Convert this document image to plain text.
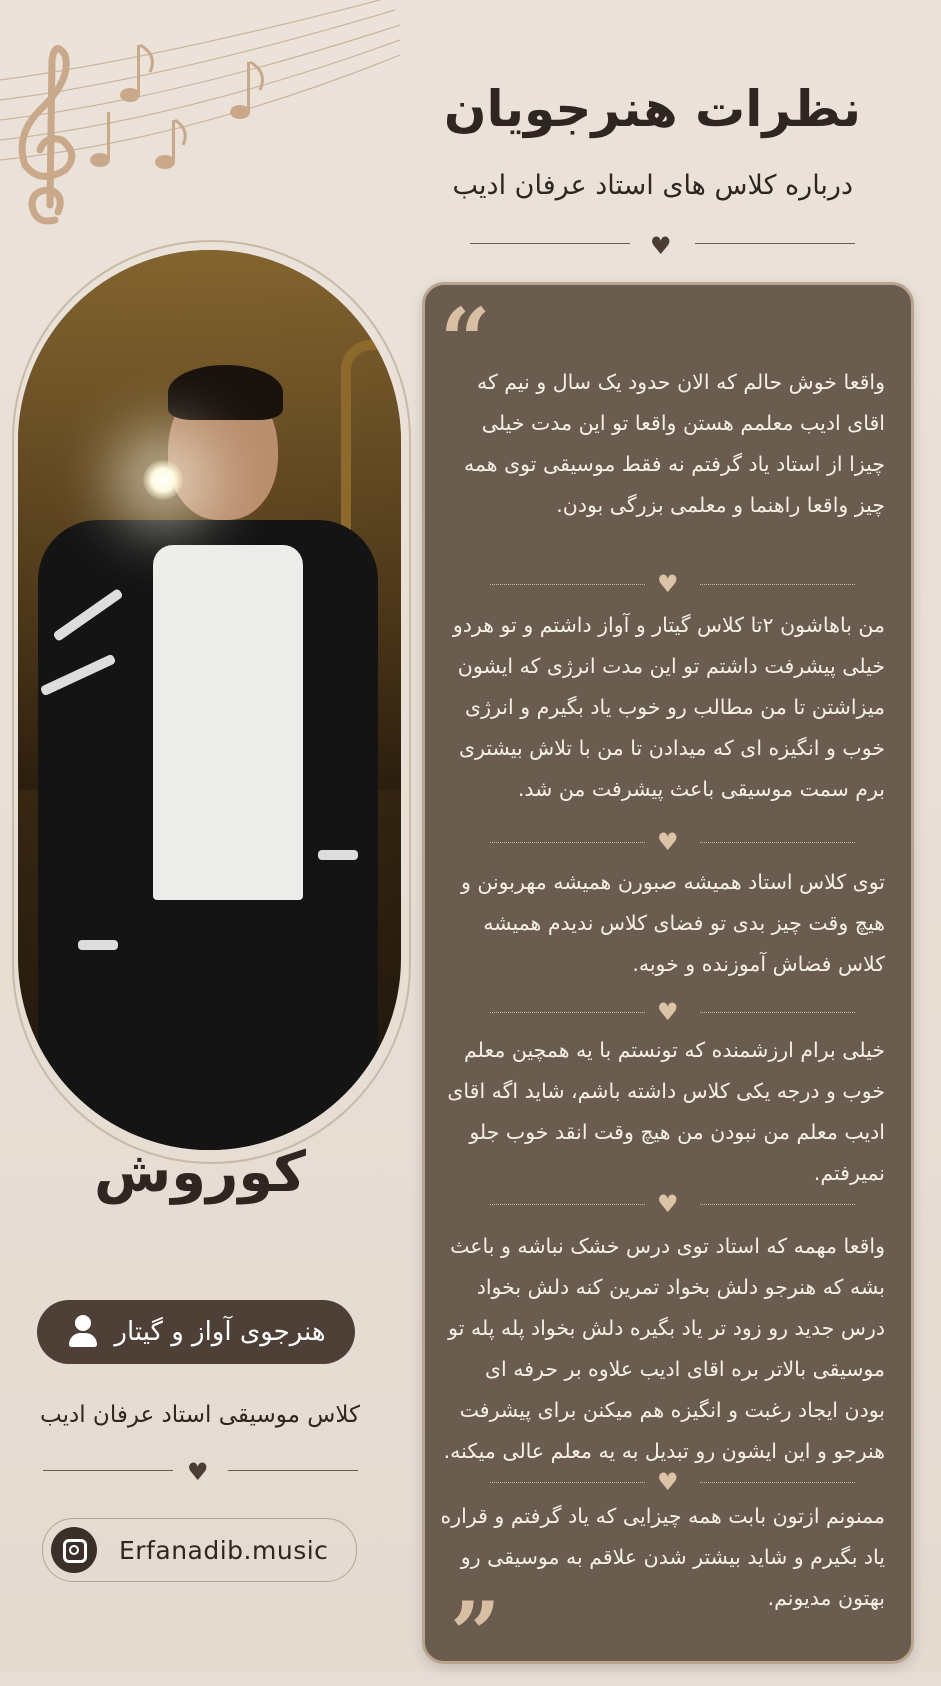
نظرات هنرجویان
درباره کلاس های استاد عرفان ادیب
♥
کوروش
هنرجوی آواز و گیتار
کلاس موسیقی استاد عرفان ادیب
♥
Erfanadib.music
“
واقعا خوش حالم که الان حدود یک سال و نیم که اقای ادیب معلمم هستن واقعا تو این مدت خیلی چیزا از استاد یاد گرفتم نه فقط موسیقی توی همه چیز واقعا راهنما و معلمی بزرگی بودن.
♥
من باهاشون ۲تا کلاس گیتار و آواز داشتم و تو هردو خیلی پیشرفت داشتم تو این مدت انرژی که ایشون میزاشتن تا من مطالب رو خوب یاد بگیرم و انرژی خوب و انگیزه ای که میدادن تا من با تلاش بیشتری برم سمت موسیقی باعث پیشرفت من شد.
♥
توی کلاس استاد همیشه صبورن همیشه مهربونن و هیچ وقت چیز بدی تو فضای کلاس ندیدم همیشه کلاس فضاش آموزنده و خوبه.
♥
خیلی برام ارزشمنده که تونستم با یه همچین معلم خوب و درجه یکی کلاس داشته باشم، شاید اگه اقای ادیب معلم من نبودن من هیچ وقت انقد خوب جلو نمیرفتم.
♥
واقعا مهمه که استاد توی درس خشک نباشه و باعث بشه که هنرجو دلش بخواد تمرین کنه دلش بخواد درس جدید رو زود تر یاد بگیره دلش بخواد پله پله تو موسیقی بالاتر بره اقای ادیب علاوه بر حرفه ای بودن ایجاد رغبت و انگیزه هم میکنن برای پیشرفت هنرجو و این ایشون رو تبدیل به یه معلم عالی میکنه.
♥
ممنونم ازتون بابت همه چیزایی که یاد گرفتم و قراره یاد بگیرم و شاید بیشتر شدن علاقم به موسیقی رو بهتون مدیونم.
”
